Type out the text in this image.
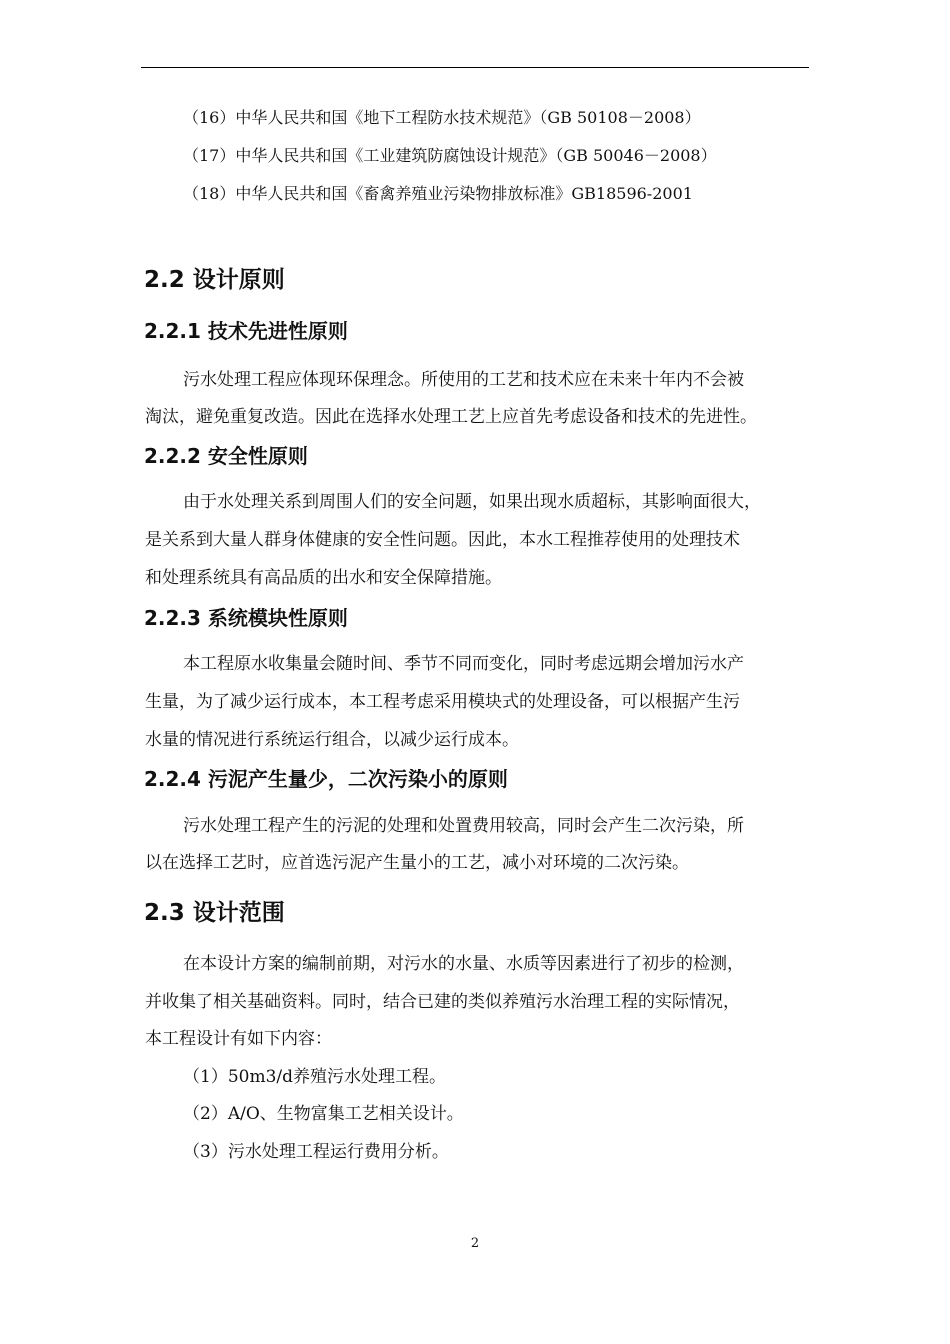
（16）中华人民共和国《地下工程防水技术规范》（GB 50108－2008）
（17）中华人民共和国《工业建筑防腐蚀设计规范》（GB 50046－2008）
（18）中华人民共和国《畜禽养殖业污染物排放标准》GB18596-2001
2.2 设计原则
2.2.1 技术先进性原则
污水处理工程应体现环保理念。所使用的工艺和技术应在未来十年内不会被
淘汰，避免重复改造。因此在选择水处理工艺上应首先考虑设备和技术的先进性。
2.2.2 安全性原则
由于水处理关系到周围人们的安全问题，如果出现水质超标，其影响面很大，
是关系到大量人群身体健康的安全性问题。因此，本水工程推荐使用的处理技术
和处理系统具有高品质的出水和安全保障措施。
2.2.3 系统模块性原则
本工程原水收集量会随时间、季节不同而变化，同时考虑远期会增加污水产
生量，为了减少运行成本，本工程考虑采用模块式的处理设备，可以根据产生污
水量的情况进行系统运行组合，以减少运行成本。
2.2.4 污泥产生量少，二次污染小的原则
污水处理工程产生的污泥的处理和处置费用较高，同时会产生二次污染，所
以在选择工艺时，应首选污泥产生量小的工艺，减小对环境的二次污染。
2.3 设计范围
在本设计方案的编制前期，对污水的水量、水质等因素进行了初步的检测，
并收集了相关基础资料。同时，结合已建的类似养殖污水治理工程的实际情况，
本工程设计有如下内容：
（1）50m3/d养殖污水处理工程。
（2）A/O、生物富集工艺相关设计。
（3）污水处理工程运行费用分析。
2
